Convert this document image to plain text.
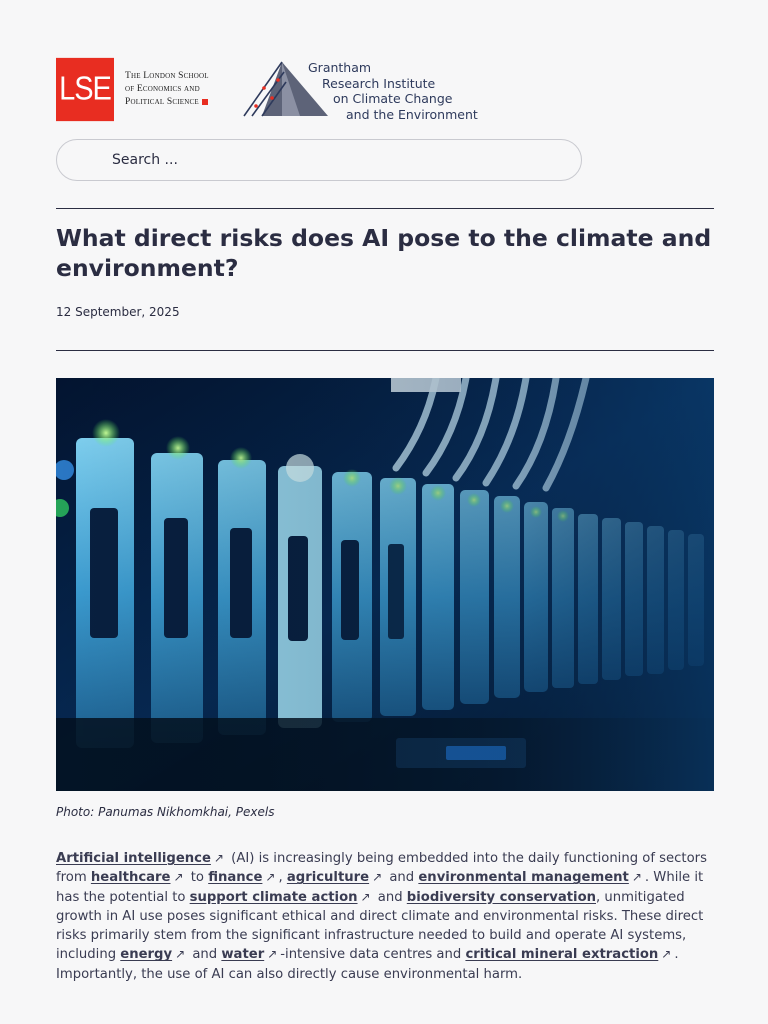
LSE	The London School
of Economics and
Political Science
Grantham
Research Institute
on Climate Change
and the Environment
Search ...
What direct risks does AI pose to the climate and environment?
12 September, 2025
Photo: Panumas Nikhomkhai, Pexels

Artificial intelligence ↗ (AI) is increasingly being embedded into the daily functioning of sectors from healthcare ↗ to finance ↗ , agriculture ↗ and environmental management ↗ . While it has the potential to support climate action ↗ and biodiversity conservation, unmitigated growth in AI use poses significant ethical and direct climate and environmental risks. These direct risks primarily stem from the significant infrastructure needed to build and operate AI systems, including energy ↗ and water ↗ -intensive data centres and critical mineral extraction ↗ . Importantly, the use of AI can also directly cause environmental harm.
